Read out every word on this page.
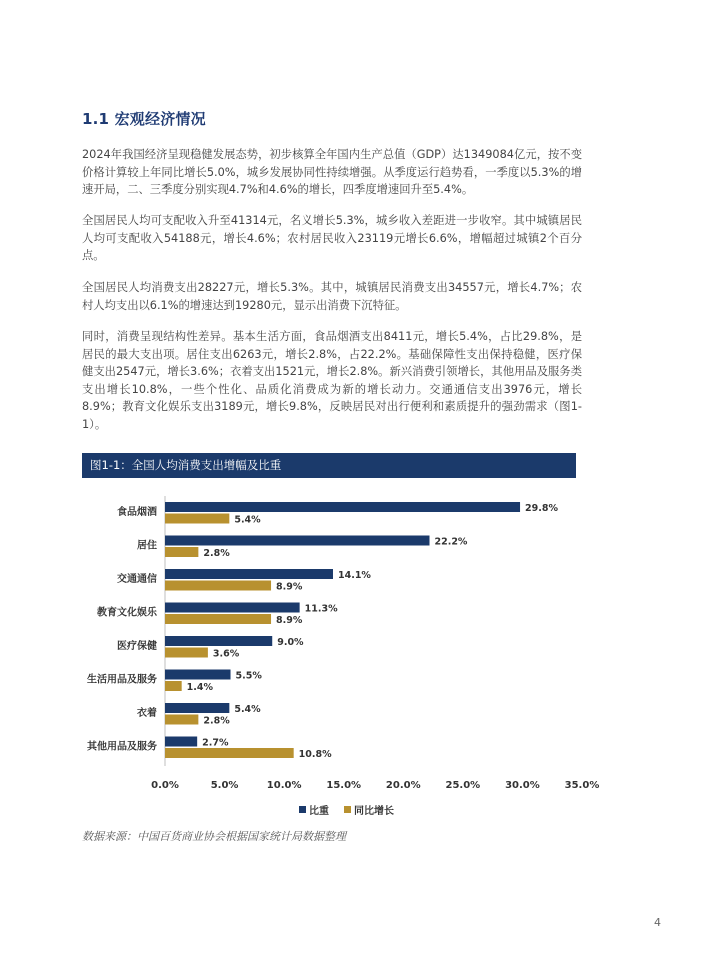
1.1 宏观经济情况

2024年我国经济呈现稳健发展态势，初步核算全年国内生产总值（GDP）达1349084亿元，按不变价格计算较上年同比增长5.0%，城乡发展协同性持续增强。从季度运行趋势看，一季度以5.3%的增速开局，二、三季度分别实现4.7%和4.6%的增长，四季度增速回升至5.4%。

全国居民人均可支配收入升至41314元，名义增长5.3%，城乡收入差距进一步收窄。其中城镇居民人均可支配收入54188元，增长4.6%；农村居民收入23119元增长6.6%，增幅超过城镇2个百分点。

全国居民人均消费支出28227元，增长5.3%。其中，城镇居民消费支出34557元，增长4.7%；农村人均支出以6.1%的增速达到19280元，显示出消费下沉特征。

同时，消费呈现结构性差异。基本生活方面，食品烟酒支出8411元，增长5.4%，占比29.8%，是居民的最大支出项。居住支出6263元，增长2.8%，占22.2%。基础保障性支出保持稳健，医疗保健支出2547元，增长3.6%；衣着支出1521元，增长2.8%。新兴消费引领增长，其他用品及服务类支出增长10.8%，一些个性化、品质化消费成为新的增长动力。交通通信支出3976元，增长8.9%；教育文化娱乐支出3189元，增长9.8%，反映居民对出行便利和素质提升的强劲需求（图1-1）。

图1-1：全国人均消费支出增幅及比重
食品烟酒	29.8%
5.4%
居住	22.2%
2.8%
交通通信	14.1%
8.9%
教育文化娱乐	11.3%
8.9%
医疗保健	9.0%
3.6%
生活用品及服务	5.5%
1.4%
衣着	5.4%
2.8%
其他用品及服务	2.7%
10.8%
0.0%	5.0%	10.0% 15.0% 20.0% 25.0% 30.0% 35.0%
比重	同比增长
数据来源：中国百货商业协会根据国家统计局数据整理
4
